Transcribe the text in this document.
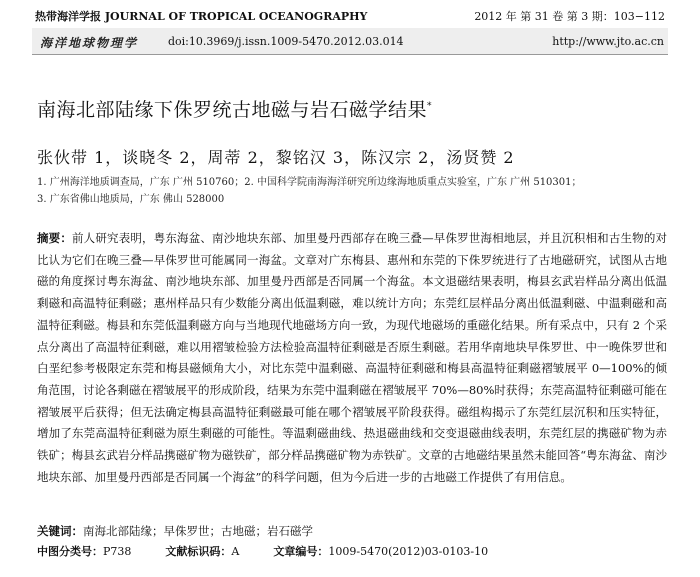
热带海洋学报 JOURNAL OF TROPICAL OCEANOGRAPHY	2012 年 第 31 卷 第 3 期：103−112
海洋地球物理学	doi:10.3969/j.issn.1009-5470.2012.03.014	http://www.jto.ac.cn
南海北部陆缘下侏罗统古地磁与岩石磁学结果*
张伙带 1，谈晓冬 2，周蒂 2，黎铭汉 3，陈汉宗 2，汤贤赞 2
1. 广州海洋地质调查局，广东 广州 510760；2. 中国科学院南海海洋研究所边缘海地质重点实验室，广东 广州 510301；
3. 广东省佛山地质局，广东 佛山 528000
摘要：前人研究表明，粤东海盆、南沙地块东部、加里曼丹西部存在晚三叠—早侏罗世海相地层，并且沉积相和古生物的对比认为它们在晚三叠—早侏罗世可能属同一海盆。文章对广东梅县、惠州和东莞的下侏罗统进行了古地磁研究，试图从古地磁的角度探讨粤东海盆、南沙地块东部、加里曼丹西部是否同属一个海盆。本文退磁结果表明，梅县玄武岩样品分离出低温剩磁和高温特征剩磁；惠州样品只有少数能分离出低温剩磁，难以统计方向；东莞红层样品分离出低温剩磁、中温剩磁和高温特征剩磁。梅县和东莞低温剩磁方向与当地现代地磁场方向一致，为现代地磁场的重磁化结果。所有采点中，只有 2 个采点分离出了高温特征剩磁，难以用褶皱检验方法检验高温特征剩磁是否原生剩磁。若用华南地块早侏罗世、中一晚侏罗世和白垩纪参考极限定东莞和梅县磁倾角大小，对比东莞中温剩磁、高温特征剩磁和梅县高温特征剩磁褶皱展平 0—100%的倾角范围，讨论各剩磁在褶皱展平的形成阶段，结果为东莞中温剩磁在褶皱展平 70%—80%时获得；东莞高温特征剩磁可能在褶皱展平后获得；但无法确定梅县高温特征剩磁最可能在哪个褶皱展平阶段获得。磁组构揭示了东莞红层沉积和压实特征，增加了东莞高温特征剩磁为原生剩磁的可能性。等温剩磁曲线、热退磁曲线和交变退磁曲线表明，东莞红层的携磁矿物为赤铁矿；梅县玄武岩分样品携磁矿物为磁铁矿，部分样品携磁矿物为赤铁矿。文章的古地磁结果虽然未能回答“粤东海盆、南沙地块东部、加里曼丹西部是否同属一个海盆”的科学问题，但为今后进一步的古地磁工作提供了有用信息。
关键词：南海北部陆缘；早侏罗世；古地磁；岩石磁学
中图分类号：P738	文献标识码：A	文章编号：1009-5470(2012)03-0103-10
